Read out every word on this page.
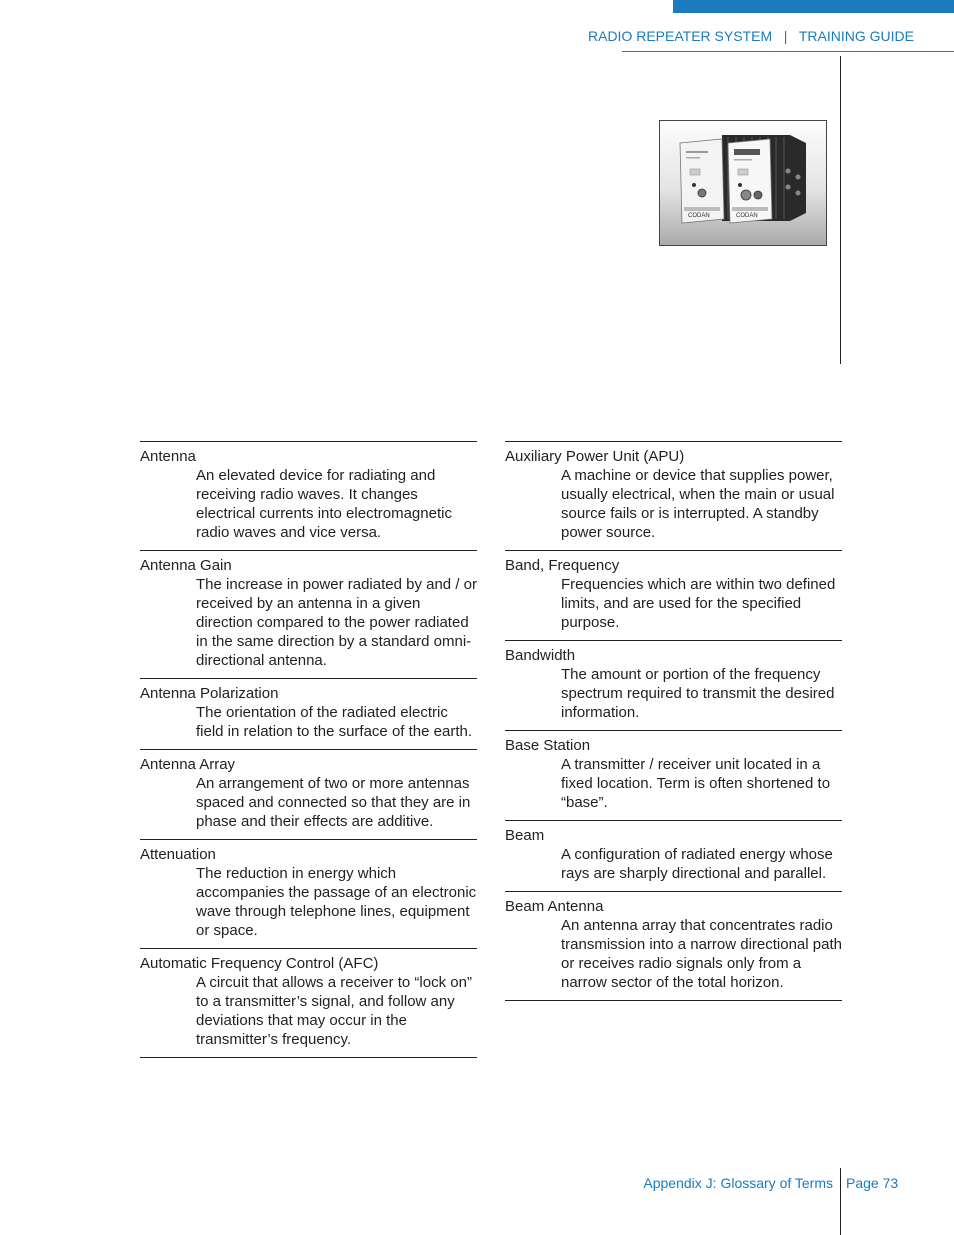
RADIO REPEATER SYSTEM   |   TRAINING GUIDE
CODAN	CODAN
Antenna
An elevated device for radiating and receiving radio waves. It changes electrical currents into electromagnetic radio waves and vice versa.
Antenna Gain
The increase in power radiated by and / or received by an antenna in a given direction compared to the power radiated in the same direction by a standard omni-directional antenna.
Antenna Polarization
The orientation of the radiated electric field in relation to the surface of the earth.
Antenna Array
An arrangement of two or more antennas spaced and connected so that they are in phase and their effects are additive.
Attenuation
The reduction in energy which accompanies the passage of an electronic wave through telephone lines, equipment or space.
Automatic Frequency Control (AFC)
A circuit that allows a receiver to “lock on” to a transmitter’s signal, and follow any deviations that may occur in the transmitter’s frequency.
Auxiliary Power Unit (APU)
A machine or device that supplies power, usually electrical, when the main or usual source fails or is interrupted. A standby power source.
Band, Frequency
Frequencies which are within two defined limits, and are used for the specified purpose.
Bandwidth
The amount or portion of the frequency spectrum required to transmit the desired information.
Base Station
A transmitter / receiver unit located in a fixed location. Term is often shortened to “base”.
Beam
A configuration of radiated energy whose rays are sharply directional and parallel.
Beam Antenna
An antenna array that concentrates radio transmission into a narrow directional path or receives radio signals only from a narrow sector of the total horizon.
Appendix J: Glossary of Terms Page 73
